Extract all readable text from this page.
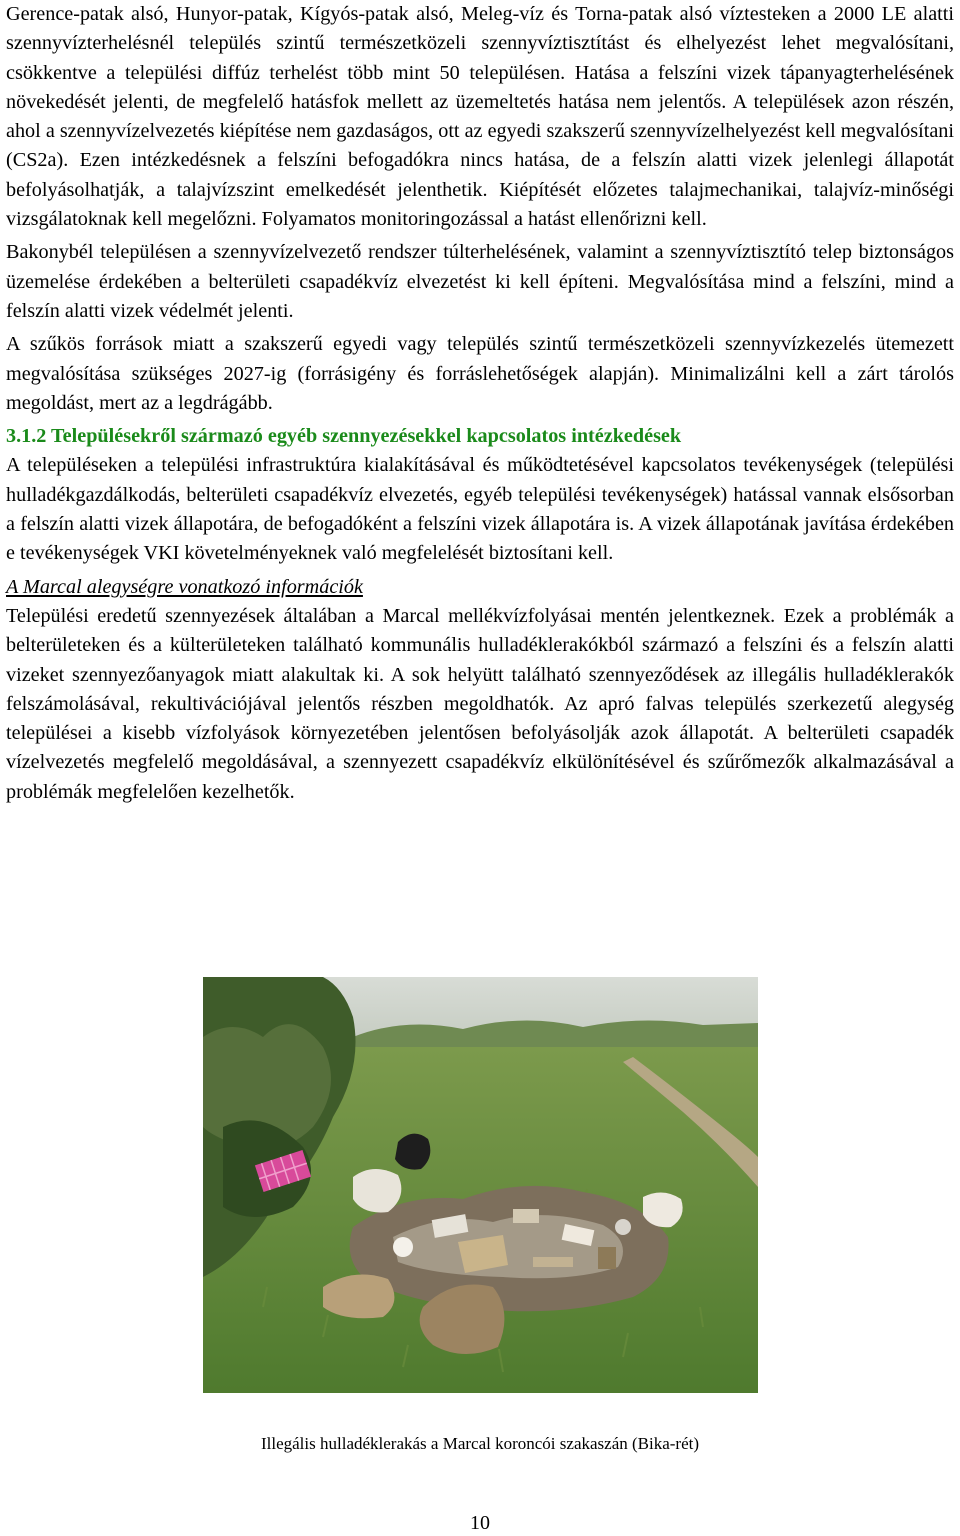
Gerence-patak alsó, Hunyor-patak, Kígyós-patak alsó, Meleg-víz és Torna-patak alsó víztesteken a 2000 LE alatti szennyvízterhelésnél település szintű természetközeli szennyvíztisztítást és elhelyezést lehet megvalósítani, csökkentve a települési diffúz terhelést több mint 50 településen. Hatása a felszíni vizek tápanyagterhelésének növekedését jelenti, de megfelelő hatásfok mellett az üzemeltetés hatása nem jelentős. A települések azon részén, ahol a szennyvízelvezetés kiépítése nem gazdaságos, ott az egyedi szakszerű szennyvízelhelyezést kell megvalósítani (CS2a). Ezen intézkedésnek a felszíni befogadókra nincs hatása, de a felszín alatti vizek jelenlegi állapotát befolyásolhatják, a talajvízszint emelkedését jelenthetik. Kiépítését előzetes talajmechanikai, talajvíz-minőségi vizsgálatoknak kell megelőzni. Folyamatos monitoringozással a hatást ellenőrizni kell.

Bakonybél településen a szennyvízelvezető rendszer túlterhelésének, valamint a szennyvíztisztító telep biztonságos üzemelése érdekében a belterületi csapadékvíz elvezetést ki kell építeni. Megvalósítása mind a felszíni, mind a felszín alatti vizek védelmét jelenti.

A szűkös források miatt a szakszerű egyedi vagy település szintű természetközeli szennyvízkezelés ütemezett megvalósítása szükséges 2027-ig (forrásigény és forráslehetőségek alapján). Minimalizálni kell a zárt tárolós megoldást, mert az a legdrágább.

3.1.2 Településekről származó egyéb szennyezésekkel kapcsolatos intézkedések

A településeken a települési infrastruktúra kialakításával és működtetésével kapcsolatos tevékenységek (települési hulladékgazdálkodás, belterületi csapadékvíz elvezetés, egyéb települési tevékenységek) hatással vannak elsősorban a felszín alatti vizek állapotára, de befogadóként a felszíni vizek állapotára is. A vizek állapotának javítása érdekében e tevékenységek VKI követelményeknek való megfelelését biztosítani kell.

A Marcal alegységre vonatkozó információk

Települési eredetű szennyezések általában a Marcal mellékvízfolyásai mentén jelentkeznek. Ezek a problémák a belterületeken és a külterületeken található kommunális hulladéklerakókból származó a felszíni és a felszín alatti vizeket szennyezőanyagok miatt alakultak ki. A sok helyütt található szennyeződések az illegális hulladéklerakók felszámolásával, rekultivációjával jelentős részben megoldhatók. Az apró falvas település szerkezetű alegység települései a kisebb vízfolyások környezetében jelentősen befolyásolják azok állapotát. A belterületi csapadék vízelvezetés megfelelő megoldásával, a szennyezett csapadékvíz elkülönítésével és szűrőmezők alkalmazásával a problémák megfelelően kezelhetők.

Illegális hulladéklerakás a Marcal koroncói szakaszán (Bika-rét)
10
